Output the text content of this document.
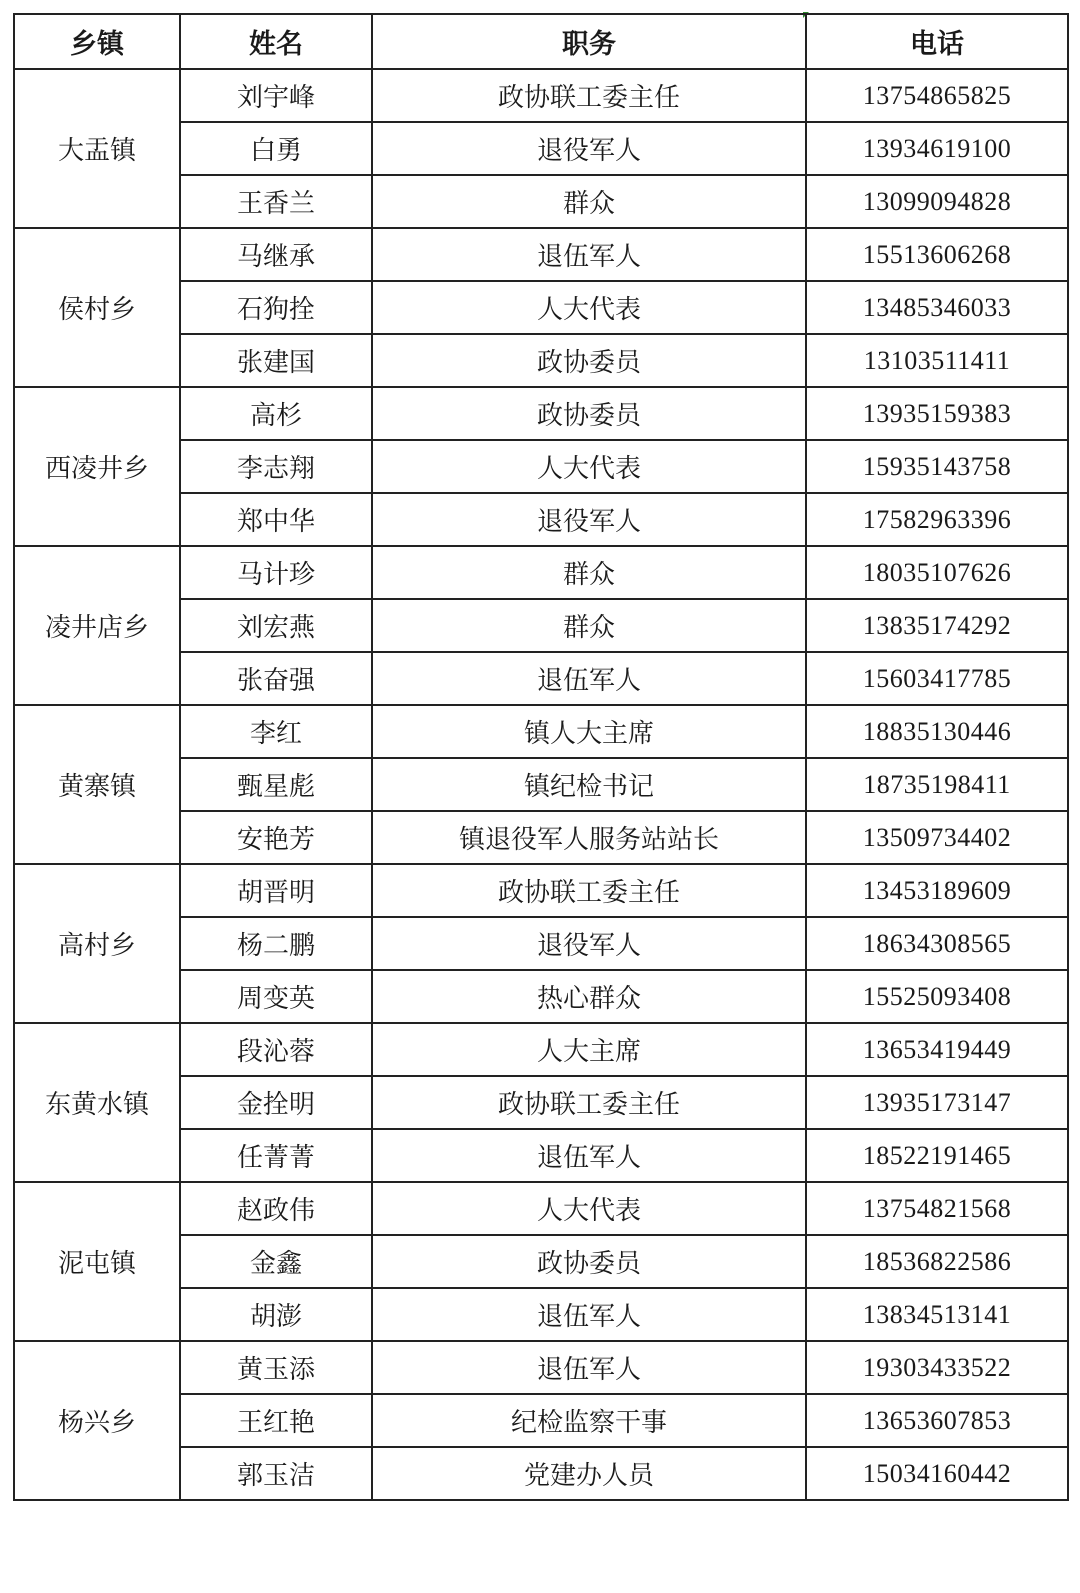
乡镇	姓名	职务	电话
大盂镇	刘宇峰	政协联工委主任	13754865825
	白勇	退役军人	13934619100
	王香兰	群众	13099094828
侯村乡	马继承	退伍军人	15513606268
	石狗拴	人大代表	13485346033
	张建国	政协委员	13103511411
西凌井乡	高杉	政协委员	13935159383
	李志翔	人大代表	15935143758
	郑中华	退役军人	17582963396
凌井店乡	马计珍	群众	18035107626
	刘宏燕	群众	13835174292
	张奋强	退伍军人	15603417785
黄寨镇	李红	镇人大主席	18835130446
	甄星彪	镇纪检书记	18735198411
	安艳芳	镇退役军人服务站站长	13509734402
高村乡	胡晋明	政协联工委主任	13453189609
	杨二鹏	退役军人	18634308565
	周变英	热心群众	15525093408
东黄水镇	段沁蓉	人大主席	13653419449
	金拴明	政协联工委主任	13935173147
	任菁菁	退伍军人	18522191465
泥屯镇	赵政伟	人大代表	13754821568
	金鑫	政协委员	18536822586
	胡澎	退伍军人	13834513141
杨兴乡	黄玉添	退伍军人	19303433522
	王红艳	纪检监察干事	13653607853
	郭玉洁	党建办人员	15034160442
